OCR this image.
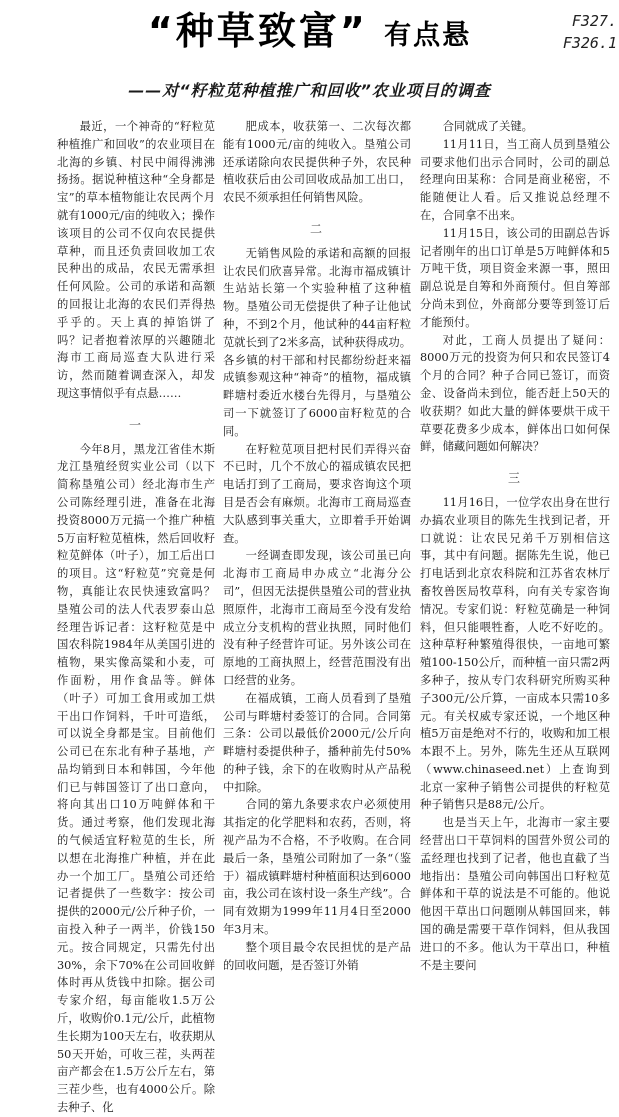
“种草致富” 有点悬
——对“籽粒苋种植推广和回收”农业项目的调查
F327.
F326.1

最近，一个神奇的“籽粒苋种植推广和回收”的农业项目在北海的乡镇、村民中闹得沸沸扬扬。据说种植这种“全身都是宝”的草本植物能让农民两个月就有1000元/亩的纯收入；操作该项目的公司不仅向农民提供草种，而且还负责回收加工农民种出的成品，农民无需承担任何风险。公司的承诺和高额的回报让北海的农民们弄得热乎乎的。天上真的掉馅饼了吗？记者抱着浓厚的兴趣随北海市工商局巡查大队进行采访，然而随着调查深入，却发现这事情似乎有点悬……

一

今年8月，黑龙江省佳木斯龙江垦殖经贸实业公司（以下简称垦殖公司）经北海市生产公司陈经理引进，准备在北海投资8000万元搞一个推广种植5万亩籽粒苋植株，然后回收籽粒苋鲜体（叶子），加工后出口的项目。这“籽粒苋”究竟是何物，真能让农民快速致富吗？垦殖公司的法人代表罗泰山总经理告诉记者：这籽粒苋是中国农科院1984年从美国引进的植物，果实像高粱和小麦，可作面粉，用作食品等。鲜体（叶子）可加工食用或加工烘干出口作饲料，千叶可造纸，可以说全身都是宝。目前他们公司已在东北有种子基地，产品均销到日本和韩国，今年他们已与韩国签订了出口意向，将向其出口10万吨鲜体和干货。通过考察，他们发现北海的气候适宜籽粒苋的生长，所以想在北海推广种植，并在此办一个加工厂。垦殖公司还给记者提供了一些数字：按公司提供的2000元/公斤种子价，一亩投入种子一两半，价钱150元。按合同规定，只需先付出30%，余下70%在公司回收鲜体时再从货钱中扣除。据公司专家介绍，每亩能收1.5万公斤，收购价0.1元/公斤，此植物生长期为100天左右，收获期从50天开始，可收三茬，头两茬亩产都会在1.5万公斤左右，第三茬少些，也有4000公斤。除去种子、化

肥成本，收获第一、二次每次都能有1000元/亩的纯收入。垦殖公司还承诺除向农民提供种子外，农民种植收获后由公司回收成品加工出口，农民不须承担任何销售风险。

二

无销售风险的承诺和高额的回报让农民们欣喜异常。北海市福成镇计生站站长第一个实验种植了这种植物。垦殖公司无偿提供了种子让他试种，不到2个月，他试种的44亩籽粒苋就长到了2米多高，试种获得成功。各乡镇的村干部和村民都纷纷赶来福成镇参观这种“神奇”的植物，福成镇畔塘村委近水楼台先得月，与垦殖公司一下就签订了6000亩籽粒苋的合同。

在籽粒苋项目把村民们弄得兴奋不已时，几个不放心的福成镇农民把电话打到了工商局，要求咨询这个项目是否会有麻烦。北海市工商局巡查大队感到事关重大，立即着手开始调查。

一经调查即发现，该公司虽已向北海市工商局申办成立“北海分公司”，但因无法提供垦殖公司的营业执照原件，北海市工商局至今没有发给成立分支机构的营业执照，同时他们没有种子经营许可证。另外该公司在原地的工商执照上，经营范围没有出口经营的业务。

在福成镇，工商人员看到了垦殖公司与畔塘村委签订的合同。合同第三条：公司以最低价2000元/公斤向畔塘村委提供种子，播种前先付50%的种子钱，余下的在收购时从产品税中扣除。

合同的第九条要求农户必须使用其指定的化学肥料和农药，否则，将视产品为不合格，不予收购。在合同最后一条，垦殖公司附加了一条“（鉴于）福成镇畔塘村种植面积达到6000亩，我公司在该村设一条生产线”。合同有效期为1999年11月4日至2000年3月末。

整个项目最令农民担忧的是产品的回收问题，是否签订外销

合同就成了关键。

11月11日，当工商人员到垦殖公司要求他们出示合同时，公司的副总经理向田某称：合同是商业秘密，不能随便让人看。后又推说总经理不在，合同拿不出来。

11月15日，该公司的田副总告诉记者刚年的出口订单是5万吨鲜体和5万吨干货，项目资金来源一事，照田副总说是自筹和外商预付。但自筹部分尚未到位，外商部分要等到签订后才能预付。

对此，工商人员提出了疑问：8000万元的投资为何只和农民签订4个月的合同？种子合同已签订，而资金、设备尚未到位，能否赶上50天的收获期？如此大量的鲜体要烘干成干草要花费多少成本，鲜体出口如何保鲜，储藏问题如何解决？

三

11月16日，一位学农出身在世行办搞农业项目的陈先生找到记者，开口就说：让农民兄弟千万别相信这事，其中有问题。据陈先生说，他已打电话到北京农科院和江苏省农林厅畜牧兽医局牧草科，向有关专家咨询情况。专家们说：籽粒苋确是一种饲料，但只能喂牲畜，人吃不好吃的。这种草籽种繁殖得很快，一亩地可繁殖100-150公斤，而种植一亩只需2两多种子，按从专门农科研究所购买种子300元/公斤算，一亩成本只需10多元。有关权威专家还说，一个地区种植5万亩是绝对不行的，收购和加工根本跟不上。另外，陈先生还从互联网（www.chinaseed.net）上查询到北京一家种子销售公司提供的籽粒苋种子销售只是88元/公斤。

也是当天上午，北海市一家主要经营出口干草饲料的国营外贸公司的孟经理也找到了记者，他也直截了当地指出：垦殖公司向韩国出口籽粒苋鲜体和干草的说法是不可能的。他说他因干草出口问题刚从韩国回来，韩国的确是需要干草作饲料，但从我国进口的不多。他认为干草出口，种植不是主要问
